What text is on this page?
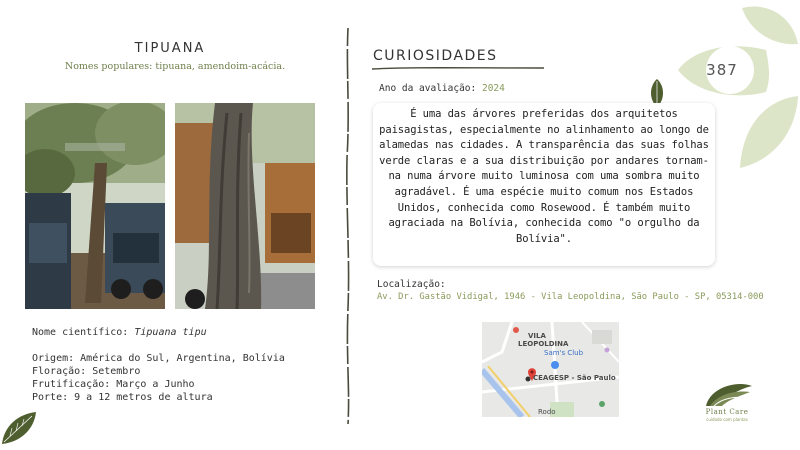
387
TIPUANA
Nomes populares: tipuana, amendoim-acácia.
Nome científico: Tipuana tipu
Origem: América do Sul, Argentina, Bolívia
Floração: Setembro
Frutificação: Março a Junho
Porte: 9 a 12 metros de altura
CURIOSIDADES
Ano da avaliação: 2024
É uma das árvores preferidas dos arquitetos paisagistas, especialmente no alinhamento ao longo de alamedas nas cidades. A transparência das suas folhas verde claras e a sua distribuição por andares tornam-na numa árvore muito luminosa com uma sombra muito agradável. É uma espécie muito comum nos Estados Unidos, conhecida como Rosewood. É também muito agraciada na Bolívia, conhecida como "o orgulho da Bolívia".
Localização:
Av. Dr. Gastão Vidigal, 1946 - Vila Leopoldina, São Paulo - SP, 05314-000
VILA
LEOPOLDINA
Sam's Club
CEAGESP - São Paulo
Rodo	Plant Care
cuidado com plantas
